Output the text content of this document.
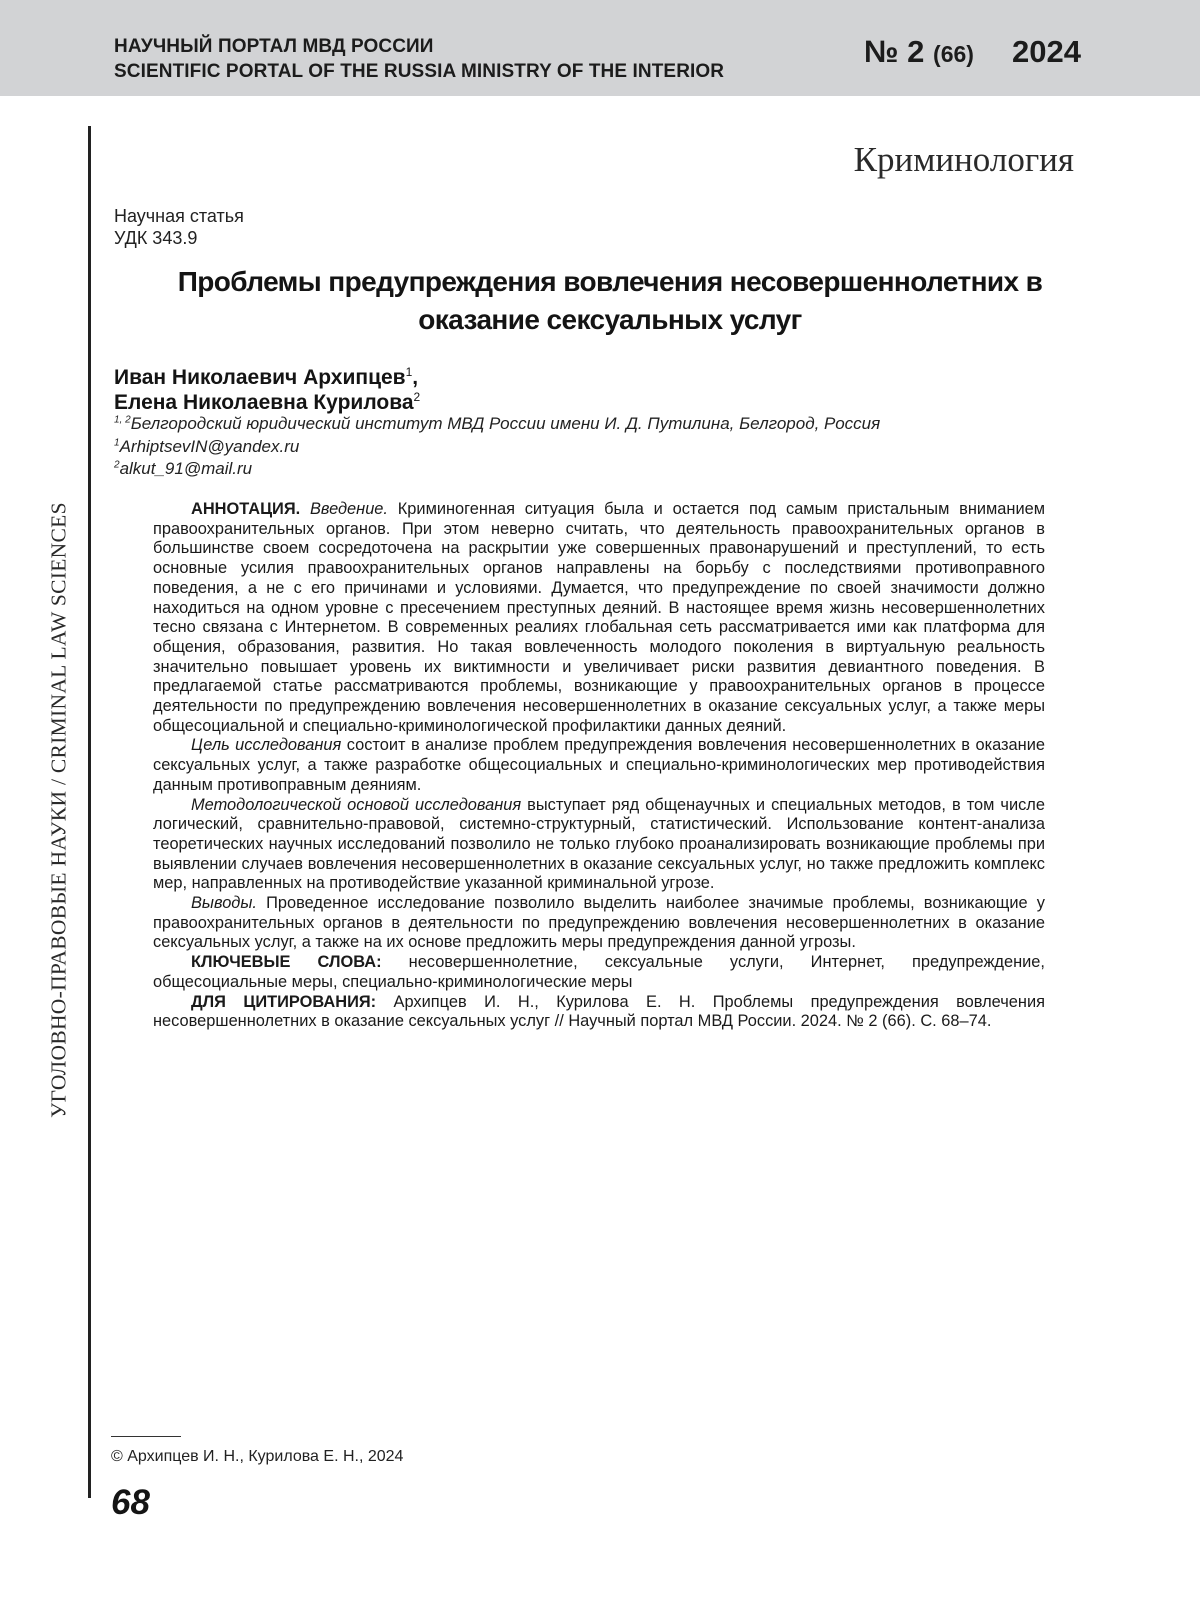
НАУЧНЫЙ ПОРТАЛ МВД РОССИИ
SCIENTIFIC PORTAL OF THE RUSSIA MINISTRY OF THE INTERIOR
№ 2 (66) 2024
УГОЛОВНО-ПРАВОВЫЕ НАУКИ / CRIMINAL LAW SCIENCES
Криминология
Научная статья
УДК 343.9
Проблемы предупреждения вовлечения несовершеннолетних в оказание сексуальных услуг
Иван Николаевич Архипцев$^1$,
Елена Николаевна Курилова$^2$
$^{1, 2}$Белгородский юридический институт МВД России имени И. Д. Путилина, Белгород, Россия
$^1$ArhiptsevIN@yandex.ru
$^2$alkut_91@mail.ru

АННОТАЦИЯ. Введение. Криминогенная ситуация была и остается под самым пристальным вниманием правоохранительных органов. При этом неверно считать, что деятельность правоохранительных органов в большинстве своем сосредоточена на раскрытии уже совершенных правонарушений и преступлений, то есть основные усилия правоохранительных органов направлены на борьбу с последствиями противоправного поведения, а не с его причинами и условиями. Думается, что предупреждение по своей значимости должно находиться на одном уровне с пресечением преступных деяний. В настоящее время жизнь несовершеннолетних тесно связана с Интернетом. В современных реалиях глобальная сеть рассматривается ими как платформа для общения, образования, развития. Но такая вовлеченность молодого поколения в виртуальную реальность значительно повышает уровень их виктимности и увеличивает риски развития девиантного поведения. В предлагаемой статье рассматриваются проблемы, возникающие у правоохранительных органов в процессе деятельности по предупреждению вовлечения несовершеннолетних в оказание сексуальных услуг, а также меры общесоциальной и специально-криминологической профилактики данных деяний.

Цель исследования состоит в анализе проблем предупреждения вовлечения несовершеннолетних в оказание сексуальных услуг, а также разработке общесоциальных и специально-криминологических мер противодействия данным противоправным деяниям.

Методологической основой исследования выступает ряд общенаучных и специальных методов, в том числе логический, сравнительно-правовой, системно-структурный, статистический. Использование контент-анализа теоретических научных исследований позволило не только глубоко проанализировать возникающие проблемы при выявлении случаев вовлечения несовершеннолетних в оказание сексуальных услуг, но также предложить комплекс мер, направленных на противодействие указанной криминальной угрозе.

Выводы. Проведенное исследование позволило выделить наиболее значимые проблемы, возникающие у правоохранительных органов в деятельности по предупреждению вовлечения несовершеннолетних в оказание сексуальных услуг, а также на их основе предложить меры предупреждения данной угрозы.

КЛЮЧЕВЫЕ СЛОВА: несовершеннолетние, сексуальные услуги, Интернет, предупреждение, общесоциальные меры, специально-криминологические меры

ДЛЯ ЦИТИРОВАНИЯ: Архипцев И. Н., Курилова Е. Н. Проблемы предупреждения вовлечения несовершеннолетних в оказание сексуальных услуг // Научный портал МВД России. 2024. № 2 (66). С. 68–74.

© Архипцев И. Н., Курилова Е. Н., 2024
68
